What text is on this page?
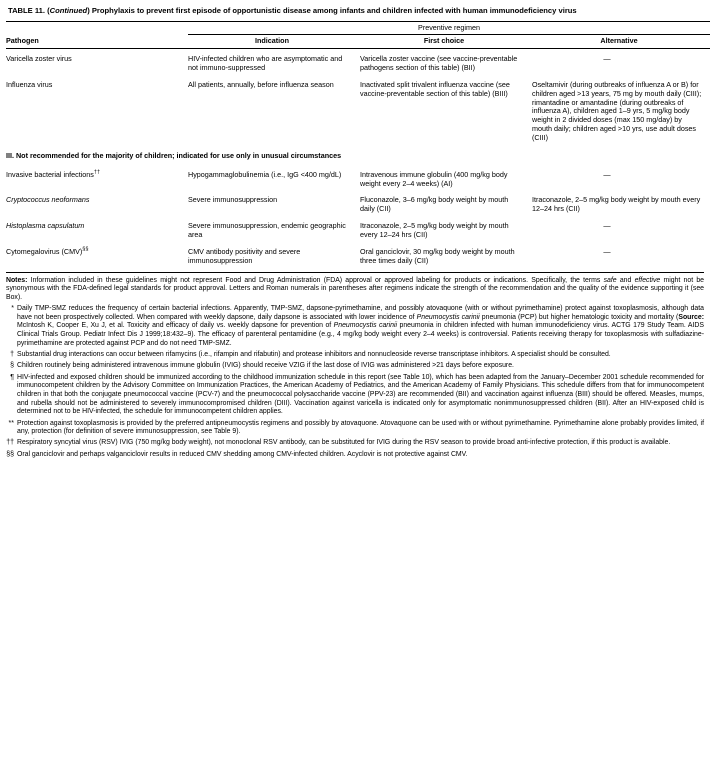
TABLE 11. (Continued) Prophylaxis to prevent first episode of opportunistic disease among infants and children infected with human immunodeficiency virus
	Preventive regimen		
Pathogen	Indication	First choice	Alternative
Varicella zoster virus	HIV-infected children who are asymptomatic and not immuno-suppressed	Varicella zoster vaccine (see vaccine-preventable pathogens section of this table) (BII)	—
Influenza virus	All patients, annually, before influenza season	Inactivated split trivalent influenza vaccine (see vaccine-preventable section of this table) (BIII)	Oseltamivir (during outbreaks of influenza A or B) for children aged >13 years, 75 mg by mouth daily (CIII); rimantadine or amantadine (during outbreaks of influenza A), children aged 1–9 yrs, 5 mg/kg body weight in 2 divided doses (max 150 mg/day) by mouth daily; children aged >10 yrs, use adult doses (CIII)
III. Not recommended for the majority of children; indicated for use only in unusual circumstances			
Invasive bacterial infections††	Hypogammaglobulinemia (i.e., IgG <400 mg/dL)	Intravenous immune globulin (400 mg/kg body weight every 2–4 weeks) (AI)	—
Cryptococcus neoformans	Severe immunosuppression	Fluconazole, 3–6 mg/kg body weight by mouth daily (CII)	Itraconazole, 2–5 mg/kg body weight by mouth every 12–24 hrs (CII)
Histoplasma capsulatum	Severe immunosuppression, endemic geographic area	Itraconazole, 2–5 mg/kg body weight by mouth every 12–24 hrs (CII)	—
Cytomegalovirus (CMV)§§	CMV antibody positivity and severe immunosuppression	Oral ganciclovir, 30 mg/kg body weight by mouth three times daily (CII)	—
Notes: Information included in these guidelines might not represent Food and Drug Administration (FDA) approval or approved labeling for products or indications. Specifically, the terms safe and effective might not be synonymous with the FDA-defined legal standards for product approval. Letters and Roman numerals in parentheses after regimens indicate the strength of the recommendation and the quality of the evidence supporting it (see Box).
* Daily TMP-SMZ reduces the frequency of certain bacterial infections. Apparently, TMP-SMZ, dapsone-pyrimethamine, and possibly atovaquone (with or without pyrimethamine) protect against toxoplasmosis, although data have not been prospectively collected. When compared with weekly dapsone, daily dapsone is associated with lower incidence of Pneumocystis carinii pneumonia (PCP) but higher hematologic toxicity and mortality (Source: McIntosh K, Cooper E, Xu J, et al. Toxicity and efficacy of daily vs. weekly dapsone for prevention of Pneumocystis carinii pneumonia in children infected with human immunodeficiency virus. ACTG 179 Study Team. AIDS Clinical Trials Group. Pediatr Infect Dis J 1999;18:432–9). The efficacy of parenteral pentamidine (e.g., 4 mg/kg body weight every 2–4 weeks) is controversial. Patients receiving therapy for toxoplasmosis with sulfadiazine-pyrimethamine are protected against PCP and do not need TMP-SMZ.
† Substantial drug interactions can occur between rifamycins (i.e., rifampin and rifabutin) and protease inhibitors and nonnucleoside reverse transcriptase inhibitors. A specialist should be consulted.
§ Children routinely being administered intravenous immune globulin (IVIG) should receive VZIG if the last dose of IVIG was administered >21 days before exposure.
¶ HIV-infected and exposed children should be immunized according to the childhood immunization schedule in this report (see Table 10), which has been adapted from the January–December 2001 schedule recommended for immunocompetent children by the Advisory Committee on Immunization Practices, the American Academy of Pediatrics, and the American Academy of Family Physicians. This schedule differs from that for immunocompetent children in that both the conjugate pneumococcal vaccine (PCV-7) and the pneumococcal polysaccharide vaccine (PPV-23) are recommended (BII) and vaccination against influenza (BIII) should be offered. Measles, mumps, and rubella should not be administered to severely immunocompromised children (DIII). Vaccination against varicella is indicated only for asymptomatic nonimmunosuppressed children (BII). After an HIV-exposed child is determined not to be HIV-infected, the schedule for immunocompetent children applies.
** Protection against toxoplasmosis is provided by the preferred antipneumocystis regimens and possibly by atovaquone. Atovaquone can be used with or without pyrimethamine. Pyrimethamine alone probably provides limited, if any, protection (for definition of severe immunosuppression, see Table 9).
†† Respiratory syncytial virus (RSV) IVIG (750 mg/kg body weight), not monoclonal RSV antibody, can be substituted for IVIG during the RSV season to provide broad anti-infective protection, if this product is available.
§§ Oral ganciclovir and perhaps valganciclovir results in reduced CMV shedding among CMV-infected children. Acyclovir is not protective against CMV.
